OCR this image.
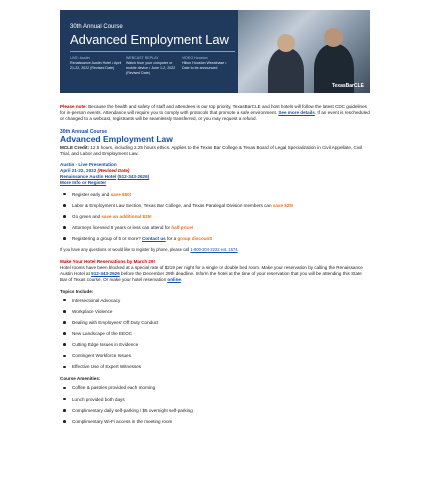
30th Annual Course
Advanced Employment Law
LIVE: Austin
Renaissance Austin Hotel • April 21-22, 2022 (Revised Date)
WEBCAST REPLAY
Watch from your computer or mobile device • June 1-2, 2022 (Revised Date)
VIDEO Houston
Hilton Houston Westchase • Date to be announced
TexasBarCLE

Please note: Because the health and safety of staff and attendees is our top priority, TexasBarCLE and host hotels will follow the latest CDC guidelines for in-person events. Attendance will require you to comply with protocols that promote a safe environment. See more details. If an event is rescheduled or changed to a webcast, registrants will be seamlessly transferred, or you may request a refund.

30th Annual Course
Advanced Employment Law

MCLE Credit: 12.5 hours, including 2.25 hours ethics. Applies to the Texas Bar College & Texas Board of Legal Specialization in Civil Appellate, Civil Trial, and Labor and Employment Law.

Austin - Live Presentation
April 21-22, 2022 (Revised Date)
Renaissance Austin Hotel (512-343-2626)
More Info or Register
Register early and save $50!
Labor & Employment Law Section, Texas Bar College, and Texas Paralegal Division members can save $25!
Go green and save an additional $25!
Attorneys licensed 5 years or less can attend for half price!
Registering a group of 5 or more? Contact us for a group discount!

If you have any questions or would like to register by phone, please call 1-800-204-2222 ext. 1574.

Make Your Hotel Reservations by March 29!

Hotel rooms have been blocked at a special rate of $219 per night for a single or double bed room. Make your reservation by calling the Renaissance Austin Hotel at 512-343-2626 before the December 29th deadline. Inform the hotel at the time of your reservation that you will be attending this State Bar of Texas course. Or make your hotel reservation online.

Topics Include:
Intersectional Advocacy
Workplace Violence
Dealing with Employees' Off Duty Conduct
New Landscape of the EEOC
Cutting Edge Issues in Evidence
Contingent Workforce Issues
Effective Use of Expert Witnesses
Course Amenities:
Coffee & pastries provided each morning
Lunch provided both days
Complimentary daily self-parking / $5 overnight self-parking
Complimentary Wi-Fi access in the meeting room
